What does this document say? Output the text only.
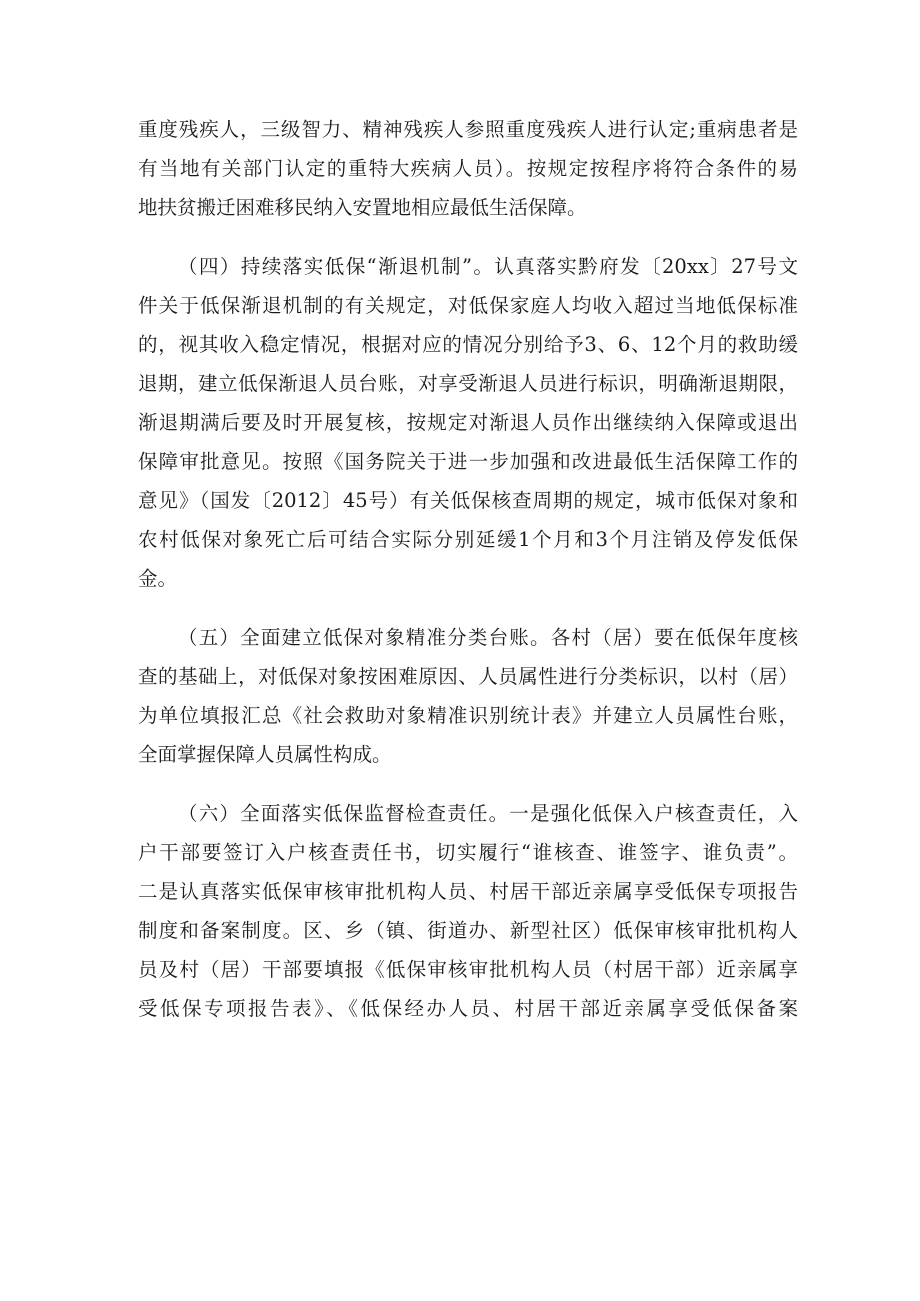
重度残疾人，三级智力、精神残疾人参照重度残疾人进行认定;重病患者是
有当地有关部门认定的重特大疾病人员）。按规定按程序将符合条件的易
地扶贫搬迁困难移民纳入安置地相应最低生活保障。
（四）持续落实低保“渐退机制”。认真落实黔府发〔20xx〕27号文
件关于低保渐退机制的有关规定，对低保家庭人均收入超过当地低保标准
的，视其收入稳定情况，根据对应的情况分别给予3、6、12个月的救助缓
退期，建立低保渐退人员台账，对享受渐退人员进行标识，明确渐退期限，
渐退期满后要及时开展复核，按规定对渐退人员作出继续纳入保障或退出
保障审批意见。按照《国务院关于进一步加强和改进最低生活保障工作的
意见》（国发〔2012〕45号）有关低保核查周期的规定，城市低保对象和
农村低保对象死亡后可结合实际分别延缓1个月和3个月注销及停发低保
金。
（五）全面建立低保对象精准分类台账。各村（居）要在低保年度核
查的基础上，对低保对象按困难原因、人员属性进行分类标识，以村（居）
为单位填报汇总《社会救助对象精准识别统计表》并建立人员属性台账，
全面掌握保障人员属性构成。
（六）全面落实低保监督检查责任。一是强化低保入户核查责任，入
户干部要签订入户核查责任书，切实履行“谁核查、谁签字、谁负责”。
二是认真落实低保审核审批机构人员、村居干部近亲属享受低保专项报告
制度和备案制度。区、乡（镇、街道办、新型社区）低保审核审批机构人
员及村（居）干部要填报《低保审核审批机构人员（村居干部）近亲属享
受低保专项报告表》、《低保经办人员、村居干部近亲属享受低保备案
